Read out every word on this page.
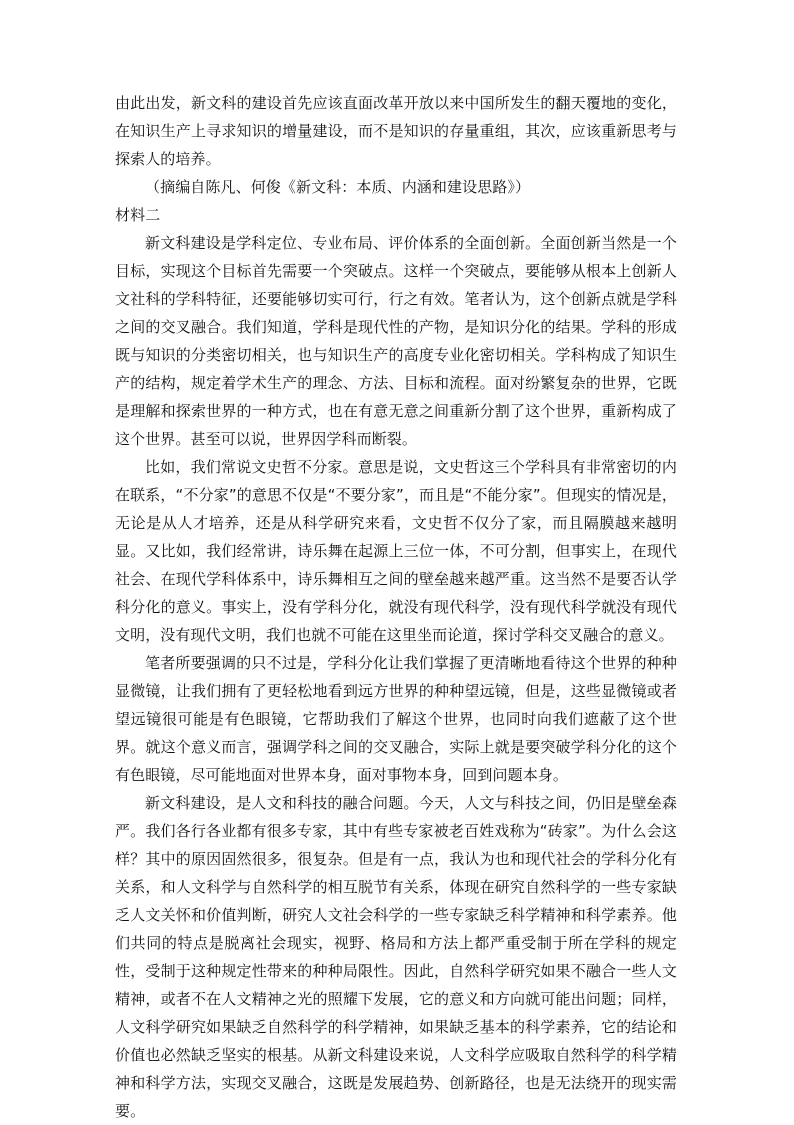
由此出发，新文科的建设首先应该直面改革开放以来中国所发生的翻天覆地的变化，在知识生产上寻求知识的增量建设，而不是知识的存量重组，其次，应该重新思考与探索人的培养。

（摘编自陈凡、何俊《新文科：本质、内涵和建设思路》）

材料二

新文科建设是学科定位、专业布局、评价体系的全面创新。全面创新当然是一个目标，实现这个目标首先需要一个突破点。这样一个突破点，要能够从根本上创新人文社科的学科特征，还要能够切实可行，行之有效。笔者认为，这个创新点就是学科之间的交叉融合。我们知道，学科是现代性的产物，是知识分化的结果。学科的形成既与知识的分类密切相关，也与知识生产的高度专业化密切相关。学科构成了知识生产的结构，规定着学术生产的理念、方法、目标和流程。面对纷繁复杂的世界，它既是理解和探索世界的一种方式，也在有意无意之间重新分割了这个世界，重新构成了这个世界。甚至可以说，世界因学科而断裂。

比如，我们常说文史哲不分家。意思是说，文史哲这三个学科具有非常密切的内在联系，“不分家”的意思不仅是“不要分家”，而且是“不能分家”。但现实的情况是，无论是从人才培养，还是从科学研究来看，文史哲不仅分了家，而且隔膜越来越明显。又比如，我们经常讲，诗乐舞在起源上三位一体，不可分割，但事实上，在现代社会、在现代学科体系中，诗乐舞相互之间的壁垒越来越严重。这当然不是要否认学科分化的意义。事实上，没有学科分化，就没有现代科学，没有现代科学就没有现代文明，没有现代文明，我们也就不可能在这里坐而论道，探讨学科交叉融合的意义。

笔者所要强调的只不过是，学科分化让我们掌握了更清晰地看待这个世界的种种显微镜，让我们拥有了更轻松地看到远方世界的种种望远镜，但是，这些显微镜或者望远镜很可能是有色眼镜，它帮助我们了解这个世界，也同时向我们遮蔽了这个世界。就这个意义而言，强调学科之间的交叉融合，实际上就是要突破学科分化的这个有色眼镜，尽可能地面对世界本身，面对事物本身，回到问题本身。

新文科建设，是人文和科技的融合问题。今天，人文与科技之间，仍旧是壁垒森严。我们各行各业都有很多专家，其中有些专家被老百姓戏称为“砖家”。为什么会这样？其中的原因固然很多，很复杂。但是有一点，我认为也和现代社会的学科分化有关系，和人文科学与自然科学的相互脱节有关系，体现在研究自然科学的一些专家缺乏人文关怀和价值判断，研究人文社会科学的一些专家缺乏科学精神和科学素养。他们共同的特点是脱离社会现实，视野、格局和方法上都严重受制于所在学科的规定性，受制于这种规定性带来的种种局限性。因此，自然科学研究如果不融合一些人文精神，或者不在人文精神之光的照耀下发展，它的意义和方向就可能出问题；同样，人文科学研究如果缺乏自然科学的科学精神，如果缺乏基本的科学素养，它的结论和价值也必然缺乏坚实的根基。从新文科建设来说，人文科学应吸取自然科学的科学精神和科学方法，实现交叉融合，这既是发展趋势、创新路径，也是无法绕开的现实需要。
